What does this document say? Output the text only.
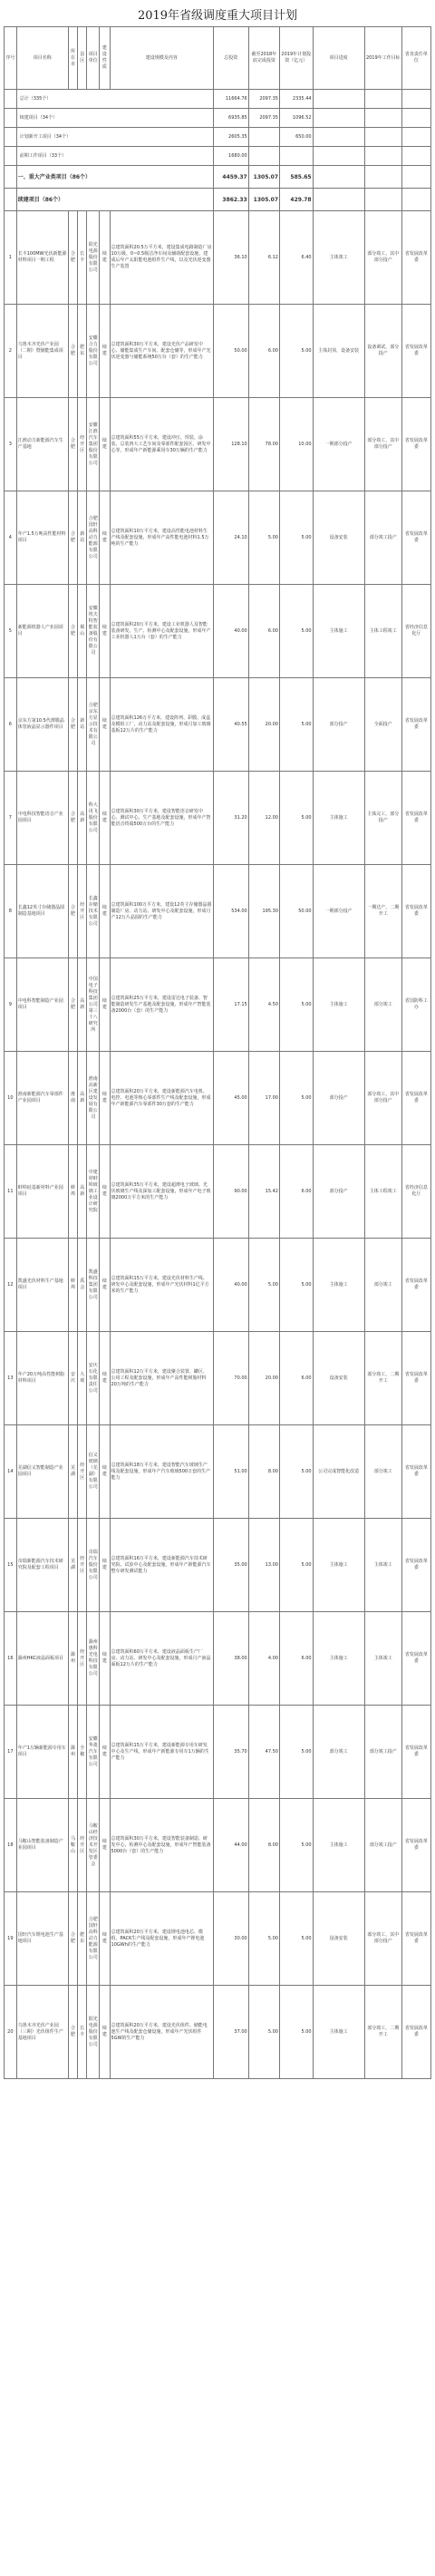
2019年省级调度重大项目计划
序号	项目名称	所在市	县区	项目单位	建设性质	建设规模及内容	总投资	截至2018年底完成投资	2019年计划投资（亿元）	项目进度	2019年工作目标	省直责任单位
	总计（335个）						11664.76	2097.35	2335.44			
	续建项目（34个）						6935.85	2097.35	1096.52			
	计划新开工项目（34个）						2605.35		650.00			
	前期工作项目（33个）						1680.00					
	一、重大产业类项目（86个）						4459.37	1305.07	585.65			
	续建项目（86个）						3862.33	1305.07	429.78			
1	长丰100MW光伏新能源材料项目一期工程	合肥	长丰	阳光电源股份有限公司	续建	总建筑面积20.5万平方米，建设集成电路制造厂房10万级、0~0.5级洁净车间及辅助配套设施，建成后年产太阳能电池组件生产线，以及光伏逆变器生产装置	36.10	6.12	6.40	主体竣工	部分竣工，其中部分投产	省发展改革委
2	乌鲁木齐光伏产业园（二期）暨储能集成项目	合肥	肥东	安徽合力股份有限公司	续建	总建筑面积30万平方米，建设光伏产品研发中心、储能集成生产车间、配套仓储等，形成年产光伏逆变器与储能系统50万台（套）的生产能力	50.00	6.00	5.00	主体封顶，设备安装	设备调试，部分投产	省发展改革委
3	江淮动力新能源汽车生产基地	合肥	经开区	安徽江淮汽车集团股份有限公司	续建	总建筑面积55万平方米，建设冲压、焊装、涂装、总装四大工艺车间及零部件配套园区、研发中心等，形成年产新能源乘用车30万辆的生产能力	128.10	78.00	10.00	一期部分投产	部分竣工，其中部分投产	省发展改革委
4	年产1.5万吨高性能材料项目	合肥	新站	合肥国轩高科动力能源有限公司	续建	总建筑面积10万平方米，建设高性能电池材料生产线及配套设施，形成年产高性能电池材料1.5万吨的生产能力	24.10	5.00	5.00	设备安装	部分竣工投产	省发展改革委
5	新能源机器人产业园项目	合肥	蜀山	安徽埃夫特智能装备股份有限公司	续建	总建筑面积20万平方米，建设工业机器人及智能装备研发、生产、检测中心及配套设施，形成年产工业机器人1万台（套）的生产能力	40.00	6.00	5.00	主体施工	主体工程竣工	省经济信息化厅
6	京东方第10.5代薄膜晶体管液晶显示器件项目	合肥	新站	合肥京东方显示技术有限公司	续建	总建筑面积126万平方米，建设阵列、彩膜、成盒及模组工厂，动力站及配套设施，形成月加工玻璃基板12万片的生产能力	40.55	20.00	5.00	部分投产	全面投产	省发展改革委
7	中电科技智能语音产业园项目	合肥	高新	科大讯飞股份有限公司	续建	总建筑面积30万平方米，建设智能语音研发中心、测试中心、生产基地及配套设施，形成年产智能语音终端500万台的生产能力	31.20	12.00	5.00	主体施工	主体完工，部分投产	省发展改革委
8	长鑫12英寸存储器晶圆制造基地项目	合肥	经开区	长鑫存储技术有限公司	续建	总建筑面积100万平方米，建设12英寸存储器晶圆制造厂房、动力站、研发中心及配套设施，形成月产12万片晶圆的生产能力	534.00	195.30	50.00	一期部分投产	一期达产，二期开工	省发展改革委
9	中电科智能制造产业园项目	合肥	高新	中国电子科技集团公司第三十八研究所	续建	总建筑面积25万平方米，建设雷达电子装备、智能制造研发生产基地及配套设施，形成年产智能装备2000台（套）的生产能力	17.15	4.50	5.00	主体施工	部分竣工	省国防科工办
10	淮南新能源汽车零部件产业园项目	淮南	高新	淮南高新区建设发展有限公司	续建	总建筑面积20万平方米，建设新能源汽车电机、电控、电池等核心零部件生产线及配套设施，形成年产新能源汽车零部件30万套的生产能力	45.00	17.00	5.00	部分投产	部分竣工，其中部分投产	省发展改革委
11	蚌埠硅基新材料产业园项目	蚌埠	高新	中建材蚌埠玻璃工业设计研究院	续建	总建筑面积35万平方米，建设超薄电子玻璃、光伏玻璃生产线及深加工配套设施，形成年产电子玻璃2000万平方米的生产能力	90.00	15.42	6.00	部分投产	主体工程竣工	省经济信息化厅
12	凯盛光伏材料生产基地项目	蚌埠	禹会	凯盛科技集团有限公司	续建	总建筑面积15万平方米，建设光伏材料生产线、研发中心及配套设施，形成年产光伏材料1亿平方米的生产能力	40.00	5.00	5.00	主体施工	部分竣工	省发展改革委
13	年产20万吨高性能树脂材料项目	安庆	大观	安庆石化有限责任公司	续建	总建筑面积12万平方米，建设聚合装置、罐区、公用工程及配套设施，形成年产高性能树脂材料20万吨的生产能力	70.00	20.00	6.00	设备安装	部分竣工，二期开工	省发展改革委
14	芜湖信义智能制造产业园项目	芜湖	经开区	信义玻璃（芜湖）有限公司	续建	总建筑面积18万平方米，建设智能汽车玻璃生产线及配套设施，形成年产汽车玻璃500万套的生产能力	51.00	8.00	5.00	公司完成智能化改造	部分竣工	省发展改革委
15	奇瑞新能源汽车技术研究院及配套工程项目	芜湖	经开区	奇瑞汽车股份有限公司	续建	总建筑面积16万平方米，建设新能源汽车技术研究院、试验中心及配套设施，形成年产新能源汽车整车研发测试能力	35.00	13.00	5.00	主体施工	主体竣工	省发展改革委
16	滁州HKC液晶面板项目	滁州	经开区	滁州惠科光电科技有限公司	续建	总建筑面积60万平方米，建设液晶面板生产厂房、动力站、研发中心及配套设施，形成月产液晶面板12万片的生产能力	38.00	4.00	6.00	主体施工	主体竣工	省发展改革委
17	年产1万辆新能源专用车项目	滁州	全椒	安徽华菱汽车有限公司	续建	总建筑面积15万平方米，建设新能源专用车研发中心及生产线，形成年产新能源专用车1万辆的生产能力	35.70	47.50	5.00	部分竣工	部分竣工投产	省发展改革委
18	马鞍山智能装备制造产业园项目	马鞍山	经开区	马鞍山经济技术开发区管委会	续建	总建筑面积30万平方米，建设智能装备制造、研发中心、检测中心及配套设施，形成年产智能装备5000台（套）的生产能力	44.00	8.00	5.00	主体施工	部分竣工投产	省发展改革委
19	国轩汽车锂电池生产基地项目	合肥	肥东	合肥国轩高科动力能源有限公司	续建	总建筑面积20万平方米，建设锂电池电芯、模组、PACK生产线及配套设施，形成年产锂电池10GWh的生产能力	30.00	5.00	5.00	设备安装	部分竣工，其中部分投产	省发展改革委
20	乌鲁木齐光伏产业园（三期）光伏组件生产基地项目	合肥	长丰	阳光电源股份有限公司	续建	总建筑面积20万平方米，建设光伏组件、储能电池生产线及配套仓储设施，形成年产光伏组件5GW的生产能力	37.00	5.00	5.00	主体施工	部分竣工，二期开工	省发展改革委
